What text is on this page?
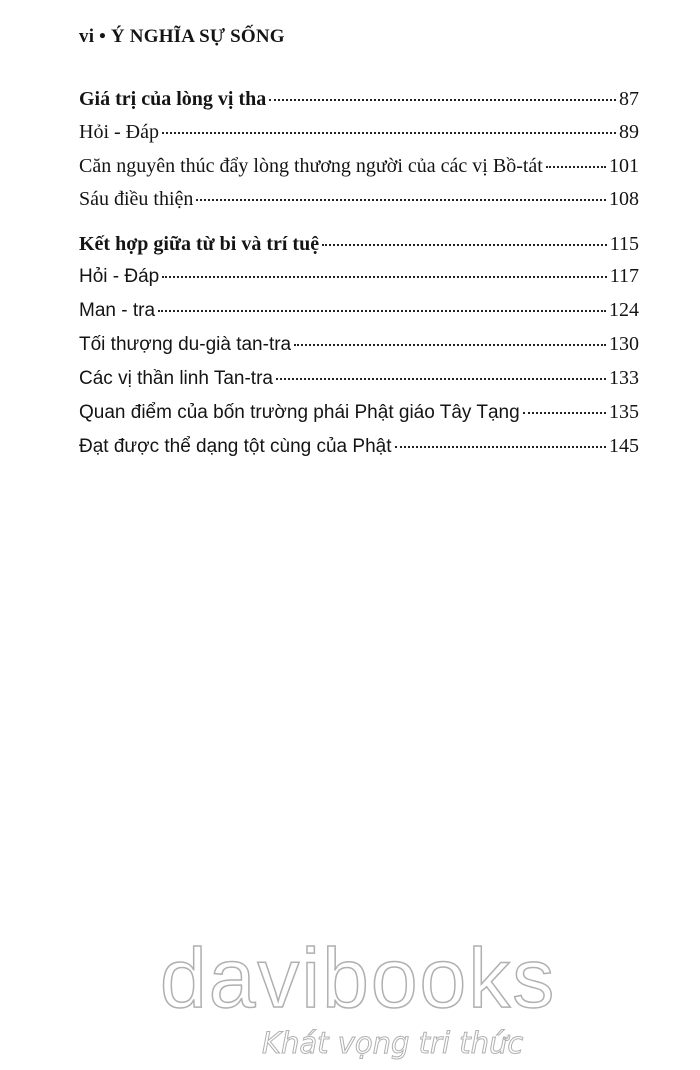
vi • Ý NGHĨA SỰ SỐNG
Giá trị của lòng vị tha	87
Hỏi - Đáp	89
Căn nguyên thúc đẩy lòng thương người của các vị Bồ-tát	101
Sáu điều thiện	108
Kết hợp giữa từ bi và trí tuệ	115
Hỏi - Đáp	117
Man - tra	124
Tối thượng du-già tan-tra	130
Các vị thần linh Tan-tra	133
Quan điểm của bốn trường phái Phật giáo Tây Tạng	135
Đạt được thể dạng tột cùng của Phật	145
davibooks
Khát vọng tri thức
